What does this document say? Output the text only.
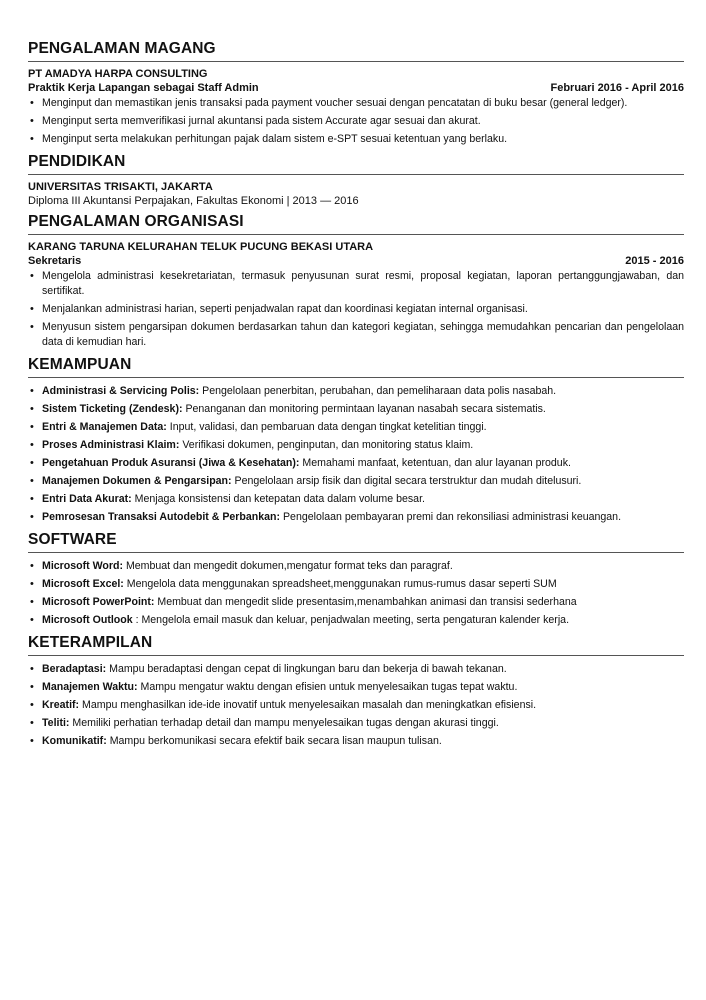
PENGALAMAN MAGANG
PT AMADYA HARPA CONSULTING
Praktik Kerja Lapangan sebagai Staff Admin	Februari 2016 - April 2016
• Menginput dan memastikan jenis transaksi pada payment voucher sesuai dengan pencatatan di buku besar (general ledger).
• Menginput serta memverifikasi jurnal akuntansi pada sistem Accurate agar sesuai dan akurat.
• Menginput serta melakukan perhitungan pajak dalam sistem e-SPT sesuai ketentuan yang berlaku.
PENDIDIKAN
UNIVERSITAS TRISAKTI, JAKARTA
Diploma III Akuntansi Perpajakan, Fakultas Ekonomi | 2013 — 2016
PENGALAMAN ORGANISASI
KARANG TARUNA KELURAHAN TELUK PUCUNG BEKASI UTARA
Sekretaris	2015 - 2016
• Mengelola administrasi kesekretariatan, termasuk penyusunan surat resmi, proposal kegiatan, laporan pertanggungjawaban, dan sertifikat.
• Menjalankan administrasi harian, seperti penjadwalan rapat dan koordinasi kegiatan internal organisasi.
• Menyusun sistem pengarsipan dokumen berdasarkan tahun dan kategori kegiatan, sehingga memudahkan pencarian dan pengelolaan data di kemudian hari.
KEMAMPUAN
• Administrasi & Servicing Polis: Pengelolaan penerbitan, perubahan, dan pemeliharaan data polis nasabah.
• Sistem Ticketing (Zendesk): Penanganan dan monitoring permintaan layanan nasabah secara sistematis.
• Entri & Manajemen Data: Input, validasi, dan pembaruan data dengan tingkat ketelitian tinggi.
• Proses Administrasi Klaim: Verifikasi dokumen, penginputan, dan monitoring status klaim.
• Pengetahuan Produk Asuransi (Jiwa & Kesehatan): Memahami manfaat, ketentuan, dan alur layanan produk.
• Manajemen Dokumen & Pengarsipan: Pengelolaan arsip fisik dan digital secara terstruktur dan mudah ditelusuri.
• Entri Data Akurat: Menjaga konsistensi dan ketepatan data dalam volume besar.
• Pemrosesan Transaksi Autodebit & Perbankan: Pengelolaan pembayaran premi dan rekonsiliasi administrasi keuangan.
SOFTWARE
• Microsoft Word: Membuat dan mengedit dokumen,mengatur format teks dan paragraf.
• Microsoft Excel: Mengelola data menggunakan spreadsheet,menggunakan rumus-rumus dasar seperti SUM
• Microsoft PowerPoint: Membuat dan mengedit slide presentasim,menambahkan animasi dan transisi sederhana
• Microsoft Outlook : Mengelola email masuk dan keluar, penjadwalan meeting, serta pengaturan kalender kerja.
KETERAMPILAN
• Beradaptasi: Mampu beradaptasi dengan cepat di lingkungan baru dan bekerja di bawah tekanan.
• Manajemen Waktu: Mampu mengatur waktu dengan efisien untuk menyelesaikan tugas tepat waktu.
• Kreatif: Mampu menghasilkan ide-ide inovatif untuk menyelesaikan masalah dan meningkatkan efisiensi.
• Teliti: Memiliki perhatian terhadap detail dan mampu menyelesaikan tugas dengan akurasi tinggi.
• Komunikatif: Mampu berkomunikasi secara efektif baik secara lisan maupun tulisan.
